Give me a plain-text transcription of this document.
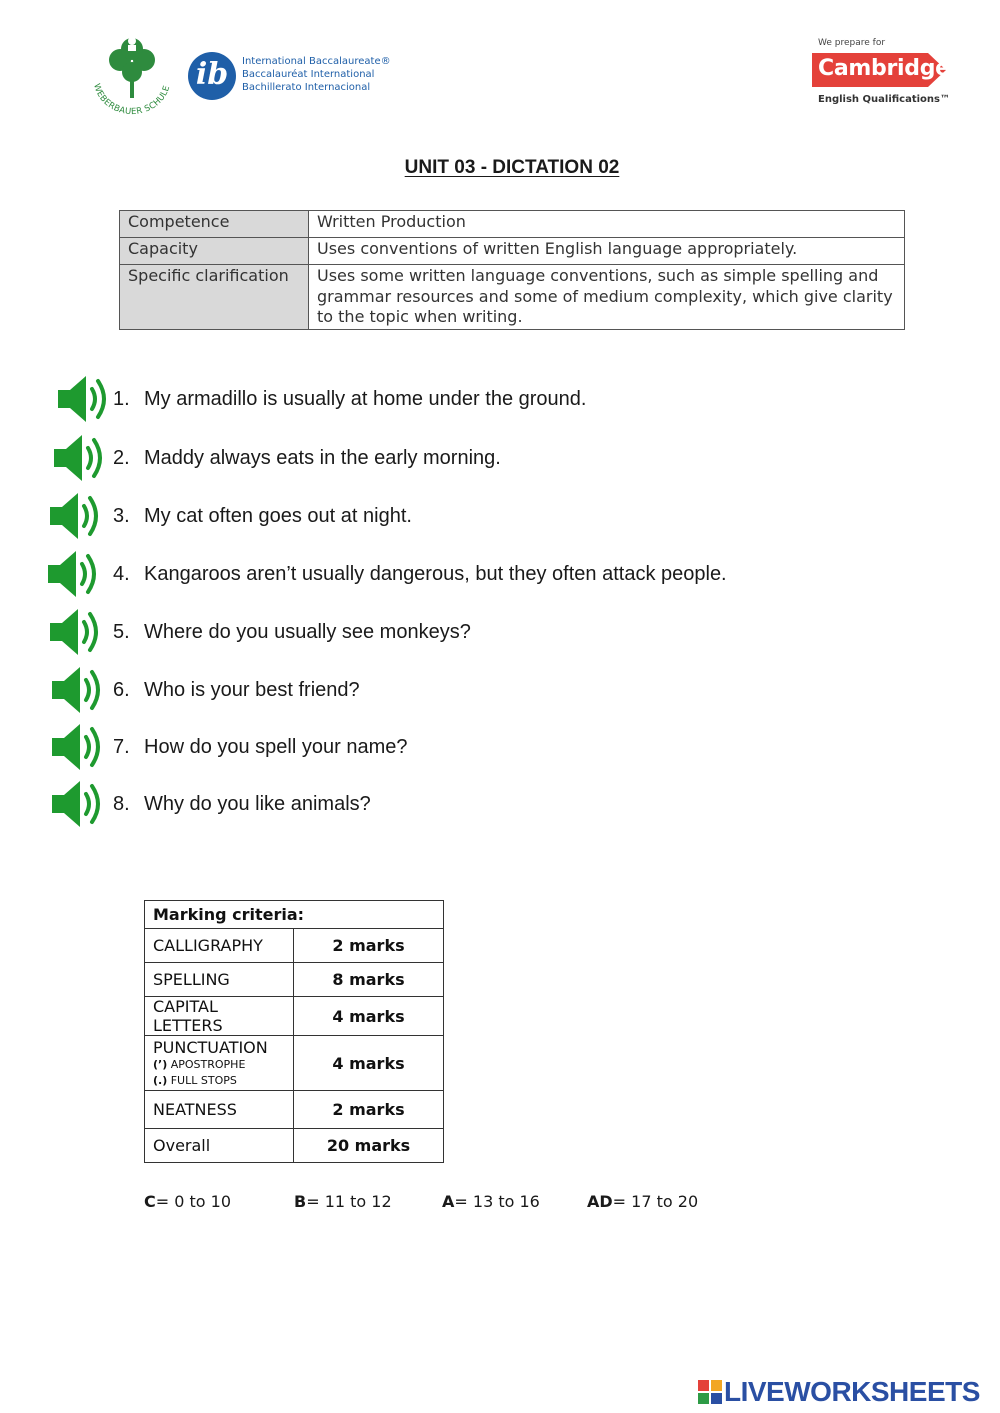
WEBERBAUER SCHULE ib	International Baccalaureate®
Baccalauréat International
Bachillerato Internacional
We prepare for
Cambridge
English Qualifications™
UNIT 03 - DICTATION 02
Competence	Written Production
Capacity	Uses conventions of written English language appropriately.
Specific clarification	Uses some written language conventions, such as simple spelling and grammar resources and some of medium complexity, which give clarity to the topic when writing.
1. My armadillo is usually at home under the ground.
2. Maddy always eats in the early morning.
3. My cat often goes out at night.
4. Kangaroos aren’t usually dangerous, but they often attack people.
5. Where do you usually see monkeys?
6. Who is your best friend?
7. How do you spell your name?
8. Why do you like animals?
Marking criteria:	
CALLIGRAPHY	2 marks
SPELLING	8 marks
CAPITAL LETTERS	4 marks
PUNCTUATION
(’) APOSTROPHE
(.) FULL STOPS	4 marks
NEATNESS	2 marks
Overall	20 marks
C= 0 to 10	B= 11 to 12	A= 13 to 16	AD= 17 to 20
LIVEWORKSHEETS
